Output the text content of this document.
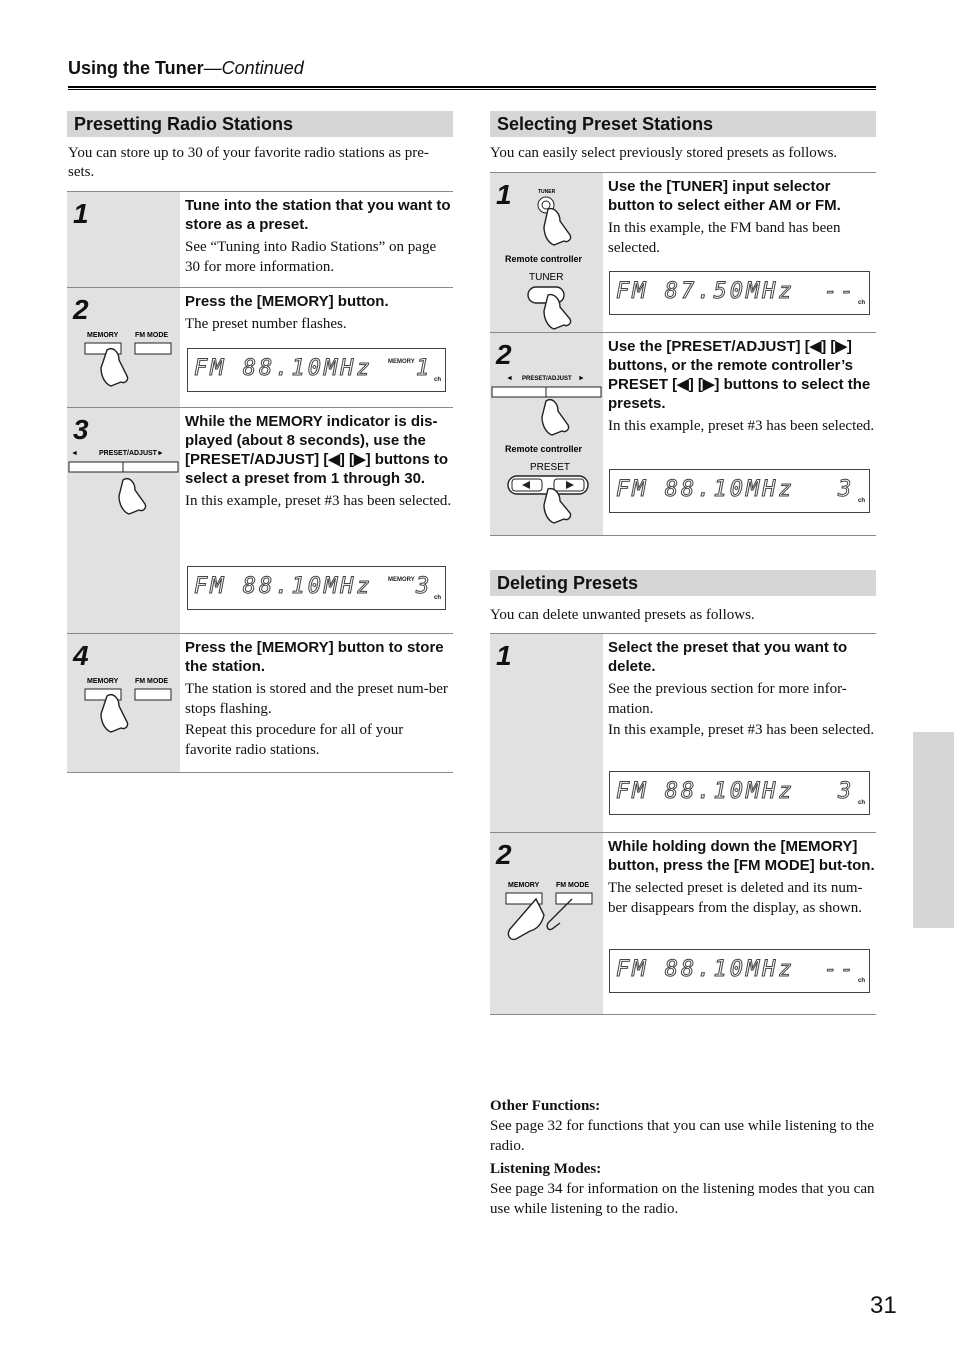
Using the Tuner—Continued
Presetting Radio Stations
You can store up to 30 of your favorite radio stations as pre-sets.
1	Tune into the station that you want to store as a preset.
See “Tuning into Radio Stations” on page 30 for more information.
MEMORY FM MODE
2	Press the [MEMORY] button.
The preset number flashes.
FM 88.10MHz	MEMORY 1 ch
◄	PRESET/ADJUST ►
3	While the MEMORY indicator is dis-played (about 8 seconds), use the [PRESET/ADJUST] [◀] [▶] buttons to select a preset from 1 through 30.
In this example, preset #3 has been selected.
FM 88.10MHz	MEMORY 3 ch
MEMORY FM MODE
4	Press the [MEMORY] button to store the station.
The station is stored and the preset num-ber stops flashing.
Repeat this procedure for all of your favorite radio stations.
Selecting Preset Stations
You can easily select previously stored presets as follows.
TUNER
Remote controller
TUNER
1	Use the [TUNER] input selector button to select either AM or FM.
In this example, the FM band has been selected.
FM 87.50MHz -- ch
◄ PRESET/ADJUST ►
Remote controller
PRESET
2	Use the [PRESET/ADJUST] [◀] [▶] buttons, or the remote controller’s PRESET [◀] [▶] buttons to select the presets.
In this example, preset #3 has been selected.
FM 88.10MHz 3 ch
Deleting Presets
You can delete unwanted presets as follows.
1	Select the preset that you want to delete.
See the previous section for more infor-mation.
In this example, preset #3 has been selected.
FM 88.10MHz 3 ch
MEMORY FM MODE
2	While holding down the [MEMORY] button, press the [FM MODE] but-ton.
The selected preset is deleted and its num-ber disappears from the display, as shown.
FM 88.10MHz -- ch
Other Functions:
See page 32 for functions that you can use while listening to the radio.
Listening Modes:
See page 34 for information on the listening modes that you can use while listening to the radio.
31
